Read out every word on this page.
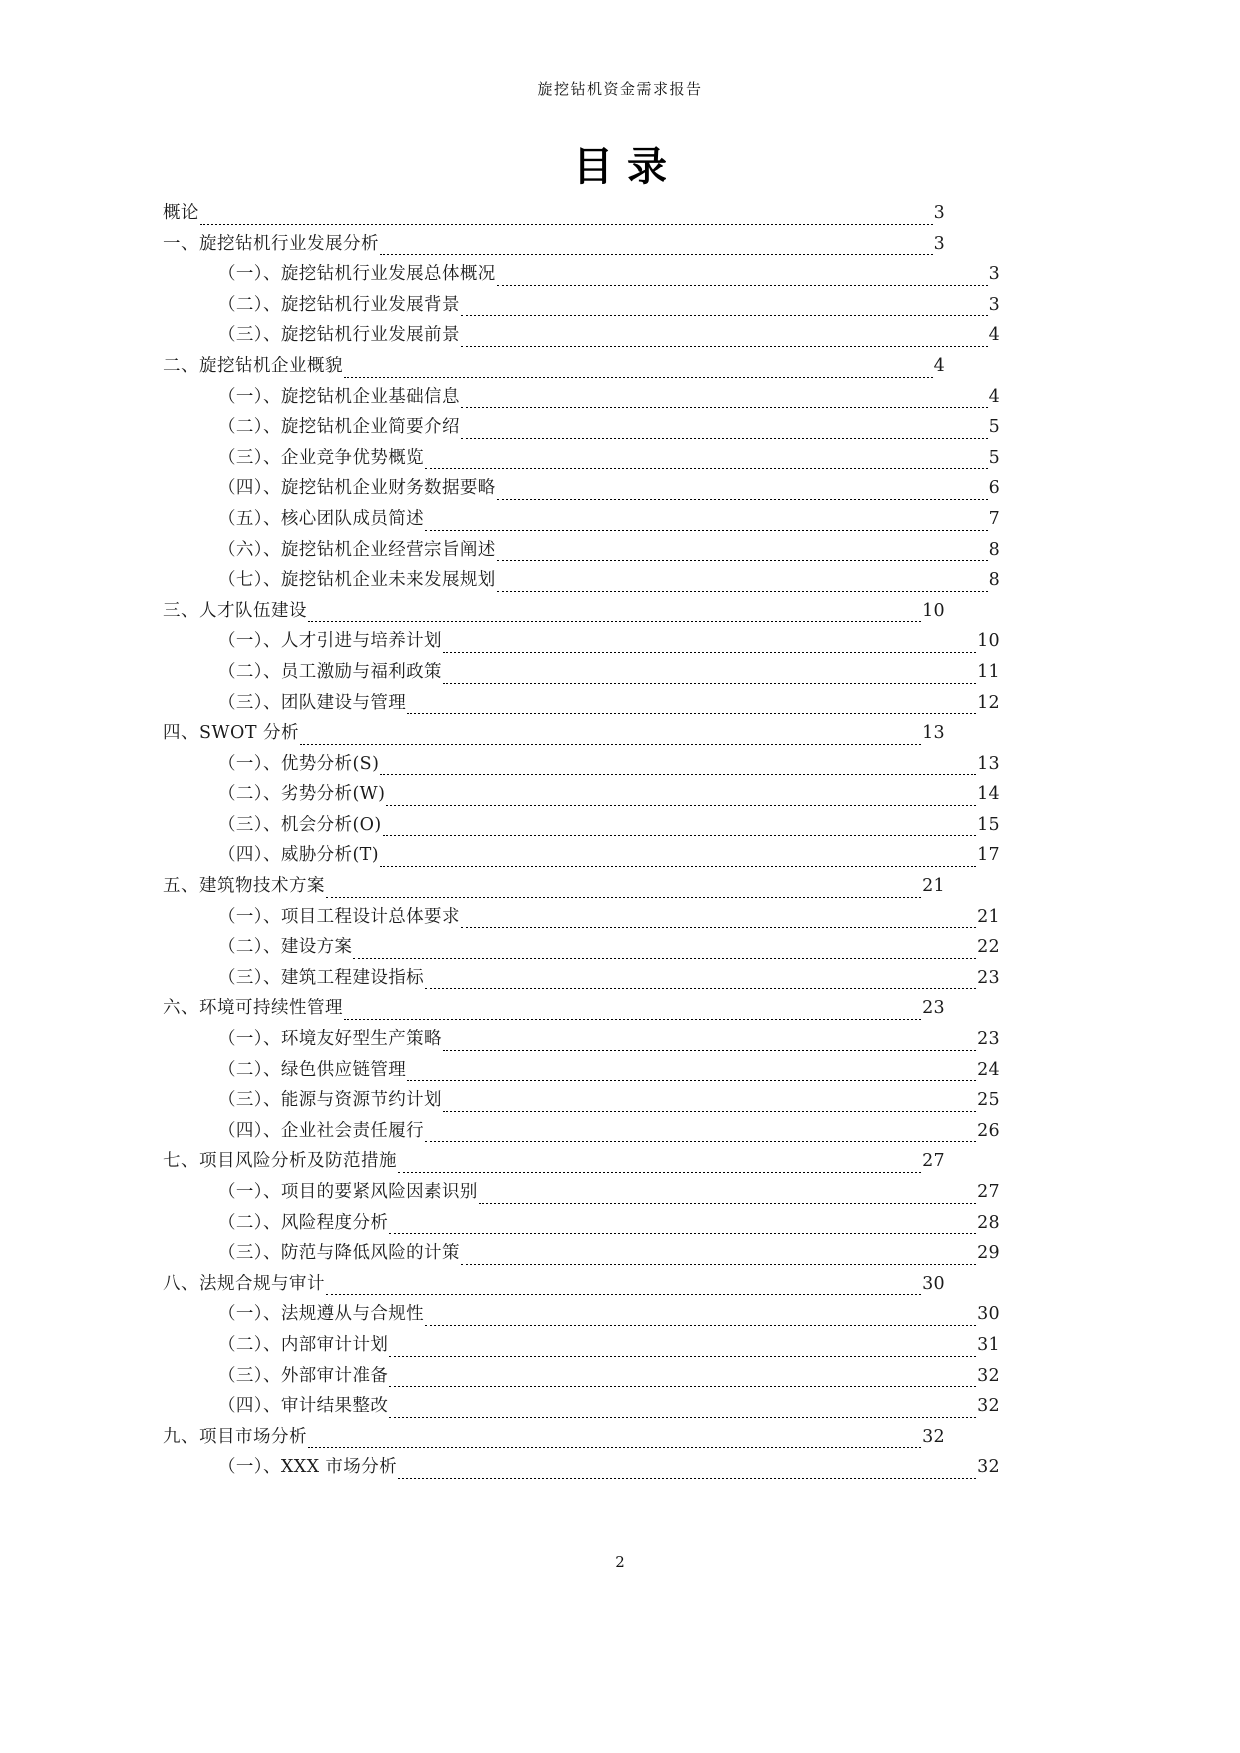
旋挖钻机资金需求报告
目录
概论	3
一、旋挖钻机行业发展分析	3
（一）、旋挖钻机行业发展总体概况	3
（二）、旋挖钻机行业发展背景	3
（三）、旋挖钻机行业发展前景	4
二、旋挖钻机企业概貌	4
（一）、旋挖钻机企业基础信息	4
（二）、旋挖钻机企业简要介绍	5
（三）、企业竞争优势概览	5
（四）、旋挖钻机企业财务数据要略	6
（五）、核心团队成员简述	7
（六）、旋挖钻机企业经营宗旨阐述	8
（七）、旋挖钻机企业未来发展规划	8
三、人才队伍建设	10
（一）、人才引进与培养计划	10
（二）、员工激励与福利政策	11
（三）、团队建设与管理	12
四、SWOT 分析	13
（一）、优势分析(S)	13
（二）、劣势分析(W)	14
（三）、机会分析(O)	15
（四）、威胁分析(T)	17
五、建筑物技术方案	21
（一）、项目工程设计总体要求	21
（二）、建设方案	22
（三）、建筑工程建设指标	23
六、环境可持续性管理	23
（一）、环境友好型生产策略	23
（二）、绿色供应链管理	24
（三）、能源与资源节约计划	25
（四）、企业社会责任履行	26
七、项目风险分析及防范措施	27
（一）、项目的要紧风险因素识别	27
（二）、风险程度分析	28
（三）、防范与降低风险的计策	29
八、法规合规与审计	30
（一）、法规遵从与合规性	30
（二）、内部审计计划	31
（三）、外部审计准备	32
（四）、审计结果整改	32
九、项目市场分析	32
（一）、XXX 市场分析	32
2
